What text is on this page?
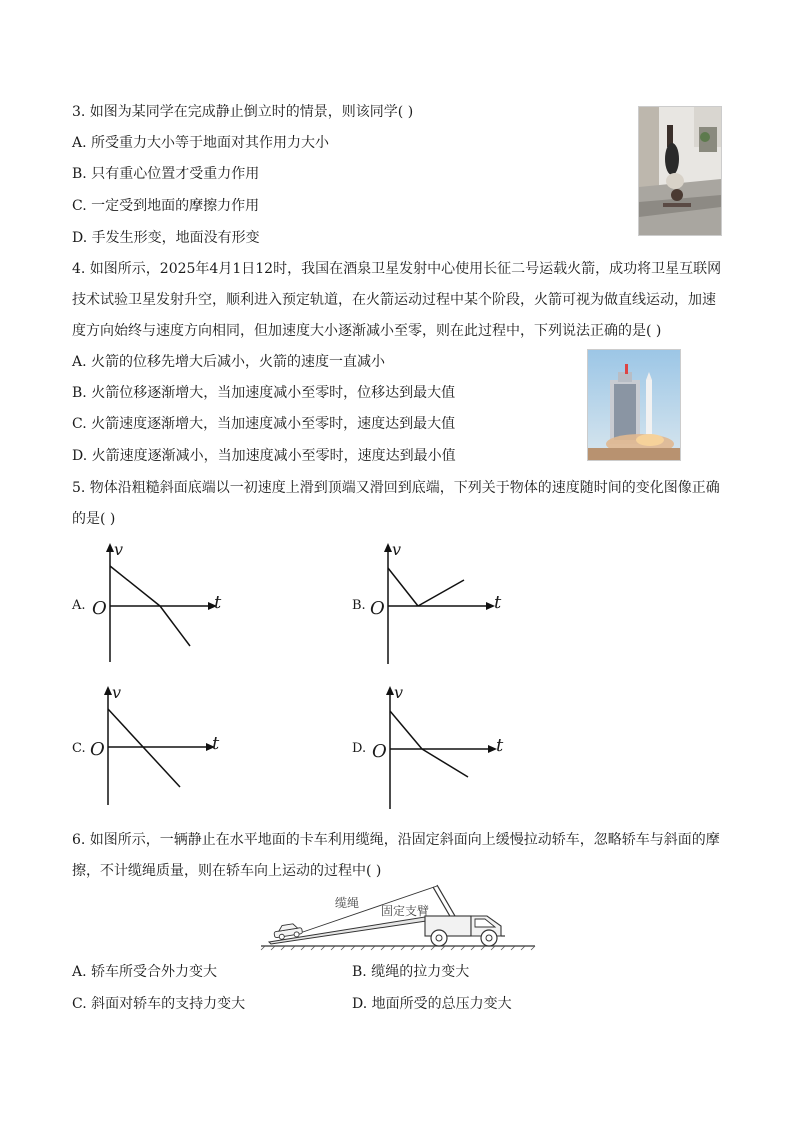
3. 如图为某同学在完成静止倒立时的情景，则该同学( )
A. 所受重力大小等于地面对其作用力大小
B. 只有重心位置才受重力作用
C. 一定受到地面的摩擦力作用
D. 手发生形变，地面没有形变
4. 如图所示，2025年4月1日12时，我国在酒泉卫星发射中心使用长征二号运载火箭，成功将卫星互联网
技术试验卫星发射升空，顺利进入预定轨道，在火箭运动过程中某个阶段，火箭可视为做直线运动，加速
度方向始终与速度方向相同，但加速度大小逐渐减小至零，则在此过程中，下列说法正确的是( )
A. 火箭的位移先增大后减小，火箭的速度一直减小
B. 火箭位移逐渐增大，当加速度减小至零时，位移达到最大值
C. 火箭速度逐渐增大，当加速度减小至零时，速度达到最大值
D. 火箭速度逐渐减小，当加速度减小至零时，速度达到最小值
5. 物体沿粗糙斜面底端以一初速度上滑到顶端又滑回到底端，下列关于物体的速度随时间的变化图像正确
的是( )
A.
v
t
O	B.
v
t
O
C.
v
t
O	D.
v
t
O
6. 如图所示，一辆静止在水平地面的卡车利用缆绳，沿固定斜面向上缓慢拉动轿车，忽略轿车与斜面的摩
擦，不计缆绳质量，则在轿车向上运动的过程中( )
缆绳
固定支臂
A. 轿车所受合外力变大	B. 缆绳的拉力变大
C. 斜面对轿车的支持力变大	D. 地面所受的总压力变大
